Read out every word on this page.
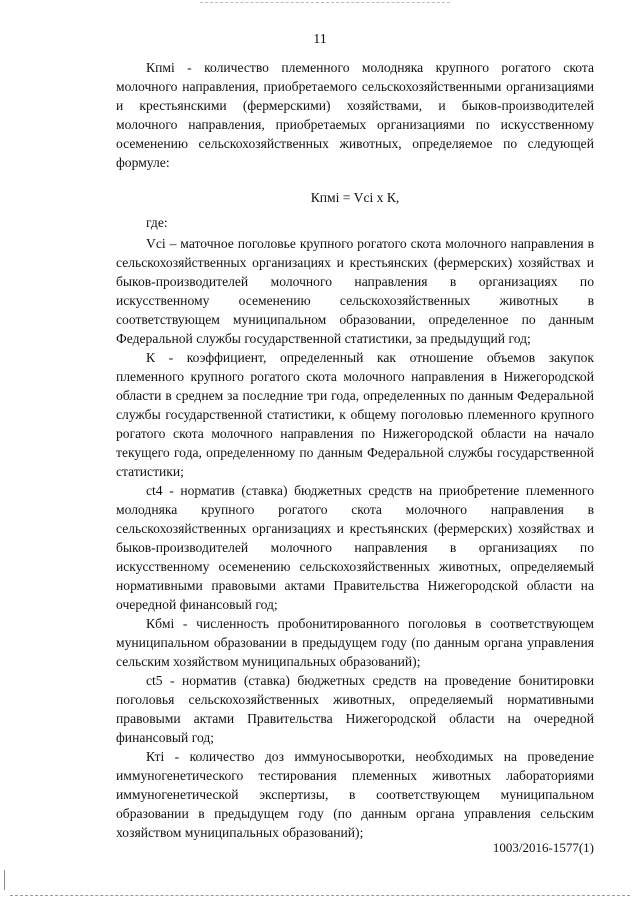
11

Кпмi - количество племенного молодняка крупного рогатого скота молочного направления, приобретаемого сельскохозяйственными организациями и крестьянскими (фермерскими) хозяйствами, и быков-производителей молочного направления, приобретаемых организациями по искусственному осеменению сельскохозяйственных животных, определяемое по следующей формуле:

Кпмi = Vci х К,

где:

Vci – маточное поголовье крупного рогатого скота молочного направления в сельскохозяйственных организациях и крестьянских (фермерских) хозяйствах и быков-производителей молочного направления в организациях по искусственному осеменению сельскохозяйственных животных в соответствующем муниципальном образовании, определенное по данным Федеральной службы государственной статистики, за предыдущий год;

К - коэффициент, определенный как отношение объемов закупок племенного крупного рогатого скота молочного направления в Нижегородской области в среднем за последние три года, определенных по данным Федеральной службы государственной статистики, к общему поголовью племенного крупного рогатого скота молочного направления по Нижегородской области на начало текущего года, определенному по данным Федеральной службы государственной статистики;

ct4 - норматив (ставка) бюджетных средств на приобретение племенного молодняка крупного рогатого скота молочного направления в сельскохозяйственных организациях и крестьянских (фермерских) хозяйствах и быков-производителей молочного направления в организациях по искусственному осеменению сельскохозяйственных животных, определяемый нормативными правовыми актами Правительства Нижегородской области на очередной финансовый год;

Кбмi - численность пробонитированного поголовья в соответствующем муниципальном образовании в предыдущем году (по данным органа управления сельским хозяйством муниципальных образований);

ct5 - норматив (ставка) бюджетных средств на проведение бонитировки поголовья сельскохозяйственных животных, определяемый нормативными правовыми актами Правительства Нижегородской области на очередной финансовый год;

Ктi - количество доз иммуносыворотки, необходимых на проведение иммуногенетического тестирования племенных животных лабораториями иммуногенетической экспертизы, в соответствующем муниципальном образовании в предыдущем году (по данным органа управления сельским хозяйством муниципальных образований);

1003/2016-1577(1)
